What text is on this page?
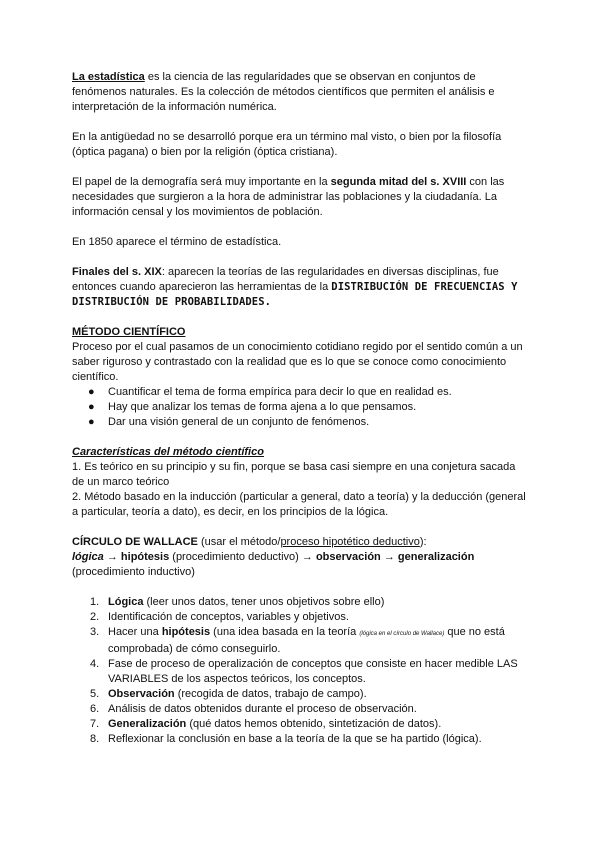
La estadística es la ciencia de las regularidades que se observan en conjuntos de fenómenos naturales. Es la colección de métodos científicos que permiten el análisis e interpretación de la información numérica.

En la antigüedad no se desarrolló porque era un término mal visto, o bien por la filosofía (óptica pagana) o bien por la religión (óptica cristiana).

El papel de la demografía será muy importante en la segunda mitad del s. XVIII con las necesidades que surgieron a la hora de administrar las poblaciones y la ciudadanía. La información censal y los movimientos de población.

En 1850 aparece el término de estadística.

Finales del s. XIX: aparecen la teorías de las regularidades en diversas disciplinas, fue entonces cuando aparecieron las herramientas de la DISTRIBUCIÓN DE FRECUENCIAS Y DISTRIBUCIÓN DE PROBABILIDADES.

MÉTODO CIENTÍFICO

Proceso por el cual pasamos de un conocimiento cotidiano regido por el sentido común a un saber riguroso y contrastado con la realidad que es lo que se conoce como conocimiento científico.

● Cuantificar el tema de forma empírica para decir lo que en realidad es.
● Hay que analizar los temas de forma ajena a lo que pensamos.
● Dar una visión general de un conjunto de fenómenos.

Características del método científico

1. Es teórico en su principio y su fin, porque se basa casi siempre en una conjetura sacada de un marco teórico

2. Método basado en la inducción (particular a general, dato a teoría) y la deducción (general a particular, teoría a dato), es decir, en los principios de la lógica.

CÍRCULO DE WALLACE (usar el método/proceso hipotético deductivo):

lógica → hipótesis (procedimiento deductivo) → observación → generalización

(procedimiento inductivo)

1. Lógica (leer unos datos, tener unos objetivos sobre ello)
2. Identificación de conceptos, variables y objetivos.
3. Hacer una hipótesis (una idea basada en la teoría (lógica en el círculo de Wallace) que no está comprobada) de cómo conseguirlo.
4. Fase de proceso de operalización de conceptos que consiste en hacer medible LAS VARIABLES de los aspectos teóricos, los conceptos.
5. Observación (recogida de datos, trabajo de campo).
6. Análisis de datos obtenidos durante el proceso de observación.
7. Generalización (qué datos hemos obtenido, sintetización de datos).
8. Reflexionar la conclusión en base a la teoría de la que se ha partido (lógica).
